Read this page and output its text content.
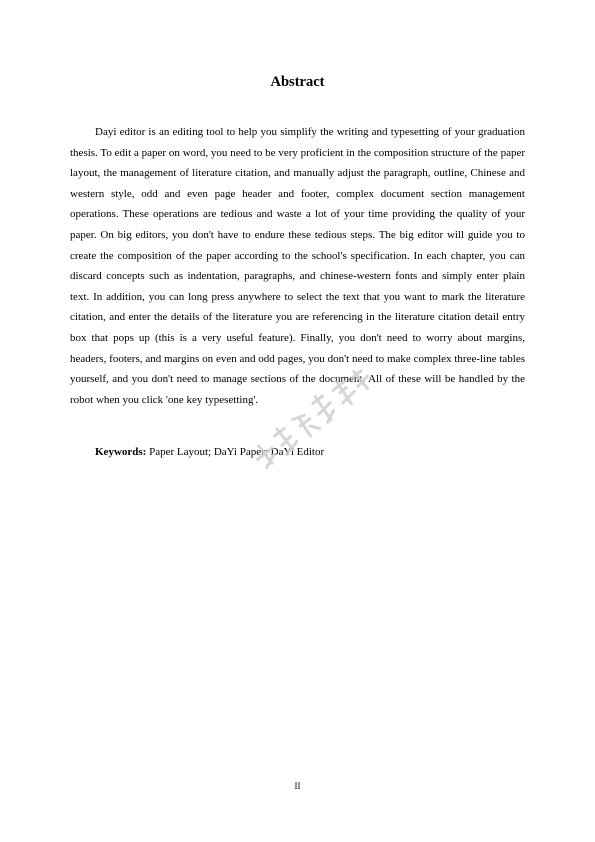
Abstract

Dayi editor is an editing tool to help you simplify the writing and typesetting of your graduation thesis. To edit a paper on word, you need to be very proficient in the composition structure of the paper layout, the management of literature citation, and manually adjust the paragraph, outline, Chinese and western style, odd and even page header and footer, complex document section management operations. These operations are tedious and waste a lot of your time providing the quality of your paper. On big editors, you don't have to endure these tedious steps. The big editor will guide you to create the composition of the paper according to the school's specification. In each chapter, you can discard concepts such as indentation, paragraphs, and chinese-western fonts and simply enter plain text. In addition, you can long press anywhere to select the text that you want to mark the literature citation, and enter the details of the literature you are referencing in the literature citation detail entry box that pops up (this is a very useful feature). Finally, you don't need to worry about margins, headers, footers, and margins on even and odd pages, you don't need to make complex three-line tables yourself, and you don't need to manage sections of the document. All of these will be handled by the robot when you click 'one key typesetting'.

Keywords: Paper Layout; DaYi Paper; DaYi Editor

II
